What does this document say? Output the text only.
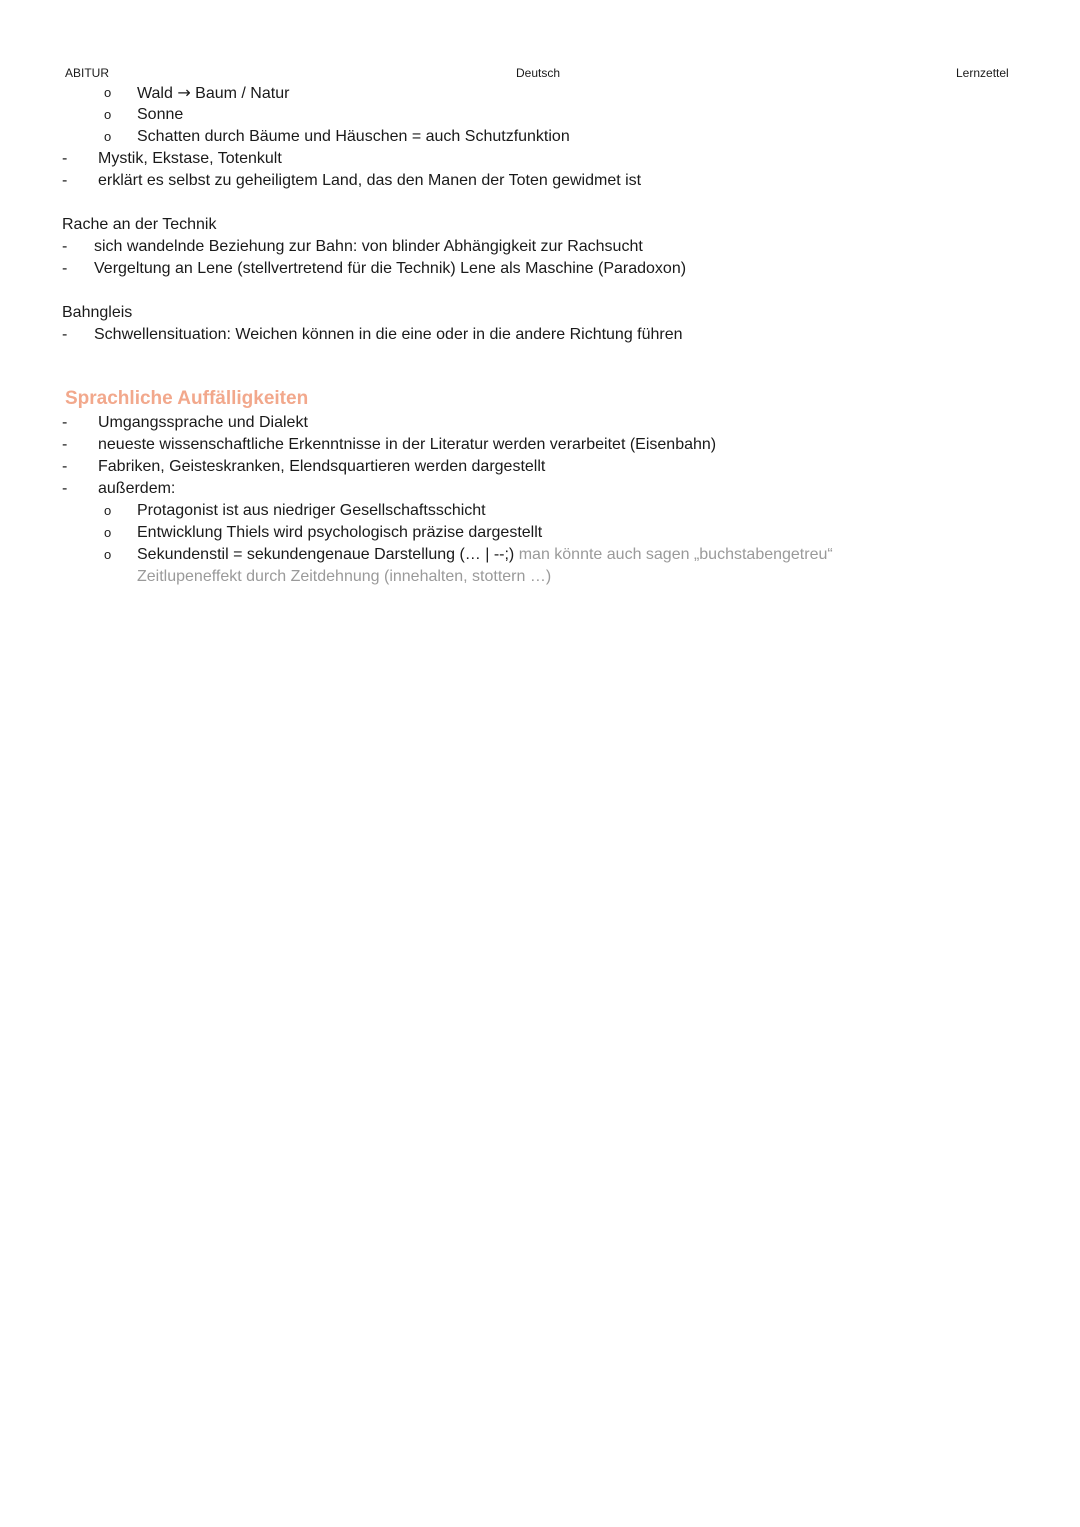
ABITUR	Deutsch	Lernzettel
o Wald → Baum / Natur
o Sonne
o Schatten durch Bäume und Häuschen = auch Schutzfunktion
- Mystik, Ekstase, Totenkult
- erklärt es selbst zu geheiligtem Land, das den Manen der Toten gewidmet ist
Rache an der Technik
- sich wandelnde Beziehung zur Bahn: von blinder Abhängigkeit zur Rachsucht
- Vergeltung an Lene (stellvertretend für die Technik) Lene als Maschine (Paradoxon)
Bahngleis
- Schwellensituation: Weichen können in die eine oder in die andere Richtung führen
Sprachliche Auffälligkeiten
- Umgangssprache und Dialekt
- neueste wissenschaftliche Erkenntnisse in der Literatur werden verarbeitet (Eisenbahn)
- Fabriken, Geisteskranken, Elendsquartieren werden dargestellt
- außerdem:
o Protagonist ist aus niedriger Gesellschaftsschicht
o Entwicklung Thiels wird psychologisch präzise dargestellt
o Sekundenstil = sekundengenaue Darstellung (… | --;) man könnte auch sagen „buchstabengetreu“
Zeitlupeneffekt durch Zeitdehnung (innehalten, stottern …)
